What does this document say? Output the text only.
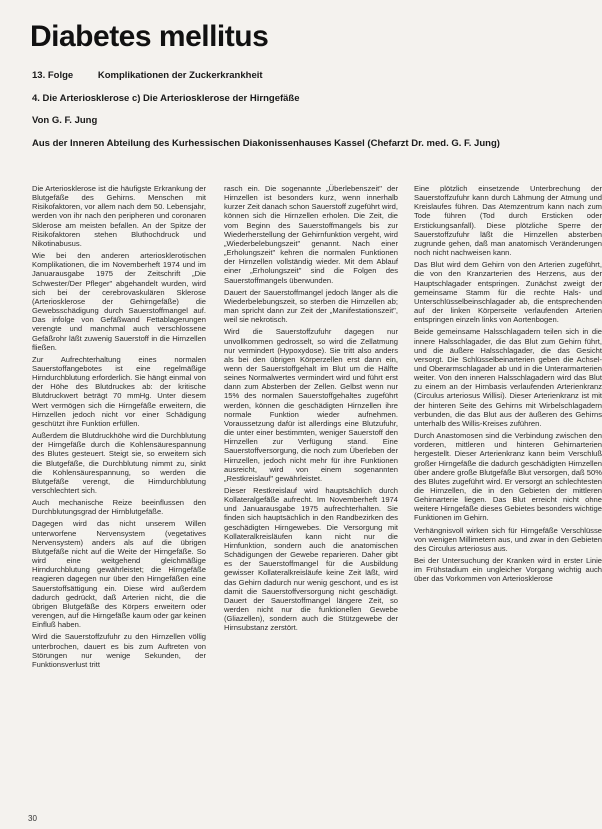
Diabetes mellitus
13. Folge	Komplikationen der Zuckerkrankheit
4. Die Arteriosklerose c) Die Arteriosklerose der Hirngefäße
Von G. F. Jung
Aus der Inneren Abteilung des Kurhessischen Diakonissenhauses Kassel (Chefarzt Dr. med. G. F. Jung)

Die Arteriosklerose ist die häufigste Erkrankung der Blutgefäße des Gehirns. Menschen mit Risikofaktoren, vor allem nach dem 50. Lebensjahr, werden von ihr nach den peripheren und coronaren Sklerose am meisten befallen. An der Spitze der Risikofaktoren stehen Bluthochdruck und Nikotinabusus.

Wie bei den anderen arteriosklerotischen Komplikationen, die im Novemberheft 1974 und im Januarausgabe 1975 der Zeitschrift „Die Schwester/Der Pfleger" abgehandelt wurden, wird sich bei der cerebrovaskulären Sklerose (Arteriosklerose der Gehirngefäße) die Gewebsschädigung durch Sauerstoffmangel auf. Das infolge von Gefäßwand Fettablagerungen verengte und manchmal auch verschlossene Gefäßrohr läßt zuwenig Sauerstoff in die Hirnzellen fließen.

Zur Aufrechterhaltung eines normalen Sauerstoffangebotes ist eine regelmäßige Hirndurchblutung erforderlich. Sie hängt einmal von der Höhe des Blutdruckes ab: der kritische Blutdruckwert beträgt 70 mmHg. Unter diesem Wert vermögen sich die Hirngefäße erweitern, die Hirnzellen jedoch nicht vor einer Schädigung geschützt ihre Funktion erfüllen.

Außerdem die Blutdruckhöhe wird die Durchblutung der Hirngefäße durch die Kohlensäurespannung des Blutes gesteuert. Steigt sie, so erweitern sich die Blutgefäße, die Durchblutung nimmt zu, sinkt die Kohlensäurespannung, so werden die Blutgefäße verengt, die Hirndurchblutung verschlechtert sich.

Auch mechanische Reize beeinflussen den Durchblutungsgrad der Hirnblutgefäße.

Dagegen wird das nicht unserem Willen unterworfene Nervensystem (vegetatives Nervensystem) anders als auf die übrigen Blutgefäße nicht auf die Weite der Hirngefäße. So wird eine weitgehend gleichmäßige Hirndurchblutung gewährleistet; die Hirngefäße reagieren dagegen nur über den Hirngefäßen eine Sauerstoffsättigung ein. Diese wird außerdem dadurch gedrückt, daß Arterien nicht, die die übrigen Blutgefäße des Körpers erweitern oder verengen, auf die Hirngefäße kaum oder gar keinen Einfluß haben.

Wird die Sauerstoffzufuhr zu den Hirnzellen völlig unterbrochen, dauert es bis zum Auftreten von Störungen nur wenige Sekunden, der Funktionsverlust tritt

rasch ein. Die sogenannte „Überlebenszeit" der Hirnzellen ist besonders kurz, wenn innerhalb kurzer Zeit danach schon Sauerstoff zugeführt wird, können sich die Hirnzellen erholen. Die Zeit, die vom Beginn des Sauerstoffmangels bis zur Wiederherstellung der Gehirnfunktion vergeht, wird „Wiederbelebungszeit" genannt. Nach einer „Erholungszeit" kehren die normalen Funktionen der Hirnzellen vollständig wieder. Mit dem Ablauf einer „Erholungszeit" sind die Folgen des Sauerstoffmangels überwunden.

Dauert der Sauerstoffmangel jedoch länger als die Wiederbelebungszeit, so sterben die Hirnzellen ab; man spricht dann zur Zeit der „Manifestationszeit", weil sie nekrotisch.

Wird die Sauerstoffzufuhr dagegen nur unvollkommen gedrosselt, so wird die Zellatmung nur vermindert (Hypoxydose). Sie tritt also anders als bei den übrigen Körperzellen erst dann ein, wenn der Sauerstoffgehalt im Blut um die Hälfte seines Normalwertes vermindert wird und führt erst dann zum Absterben der Zellen. Gelbst wenn nur 15% des normalen Sauerstoffgehaltes zugeführt werden, können die geschädigten Hirnzellen ihre normale Funktion wieder aufnehmen. Voraussetzung dafür ist allerdings eine Blutzufuhr, die unter einer bestimmten, weniger Sauerstoff den Hirnzellen zur Verfügung stand. Eine Sauerstoffversorgung, die noch zum Überleben der Hirnzellen, jedoch nicht mehr für ihre Funktionen ausreicht, wird von einem sogenannten „Restkreislauf" gewährleistet.

Dieser Restkreislauf wird hauptsächlich durch Kollateralgefäße aufrecht. Im Novemberheft 1974 und Januarausgabe 1975 aufrechterhalten. Sie finden sich hauptsächlich in den Randbezirken des geschädigten Hirngewebes. Die Versorgung mit Kollateralkreisläufen kann nicht nur die Hirnfunktion, sondern auch die anatomischen Schädigungen der Gewebe reparieren. Daher gibt es der Sauerstoffmangel für die Ausbildung gewisser Kollateralkreisläufe keine Zeit läßt, wird das Gehirn dadurch nur wenig geschont, und es ist damit die Sauerstoffversorgung nicht geschädigt. Dauert der Sauerstoffmangel längere Zeit, so werden nicht nur die funktionellen Gewebe (Gliazellen), sondern auch die Stützgewebe der Hirnsubstanz zerstört.

Eine plötzlich einsetzende Unterbrechung der Sauerstoffzufuhr kann durch Lähmung der Atmung und Kreislaufes führen. Das Atemzentrum kann nach zum Tode führen (Tod durch Ersticken oder Erstickungsanfall). Diese plötzliche Sperre der Sauerstoffzufuhr läßt die Hirnzellen absterben zugrunde gehen, daß man anatomisch Veränderungen noch nicht nachweisen kann.

Das Blut wird dem Gehirn von den Arterien zugeführt, die von den Kranzarterien des Herzens, aus der Hauptschlagader entspringen. Zunächst zweigt der gemeinsame Stamm für die rechte Hals- und Unterschlüsselbeinschlagader ab, die entsprechenden auf der linken Körperseite verlaufenden Arterien entspringen einzeln links von Aortenbogen.

Beide gemeinsame Halsschlagadern teilen sich in die innere Halsschlagader, die das Blut zum Gehirn führt, und die äußere Halsschlagader, die das Gesicht versorgt. Die Schlüsselbeinarterien geben die Achsel- und Oberarmschlagader ab und in die Unterarmarterien weiter. Von den inneren Halsschlagadern wird das Blut zu einem an der Hirnbasis verlaufenden Arterienkranz (Circulus arteriosus Willisi). Dieser Arterienkranz ist mit der hinteren Seite des Gehirns mit Wirbelschlagadern verbunden, die das Blut aus der äußeren des Gehirns unterhalb des Willis-Kreises zuführen.

Durch Anastomosen sind die Verbindung zwischen den vorderen, mittleren und hinteren Gehirnarterien hergestellt. Dieser Arterienkranz kann beim Verschluß großer Hirngefäße die dadurch geschädigten Hirnzellen über andere große Blutgefäße Blut versorgen, daß 50% des Blutes zugeführt wird. Er versorgt an schlechtesten die Hirnzellen, die in den Gebieten der mittleren Gehirnarterie liegen. Das Blut erreicht nicht ohne weitere Hirngefäße dieses Gebietes besonders wichtige Funktionen im Gehirn.

Verhängnisvoll wirken sich für Hirngefäße Verschlüsse von wenigen Millimetern aus, und zwar in den Gebieten des Circulus arteriosus aus.

Bei der Untersuchung der Kranken wird in erster Linie im Frühstadium ein ungleicher Vorgang wichtig auch über das Vorkommen von Arteriosklerose

30
